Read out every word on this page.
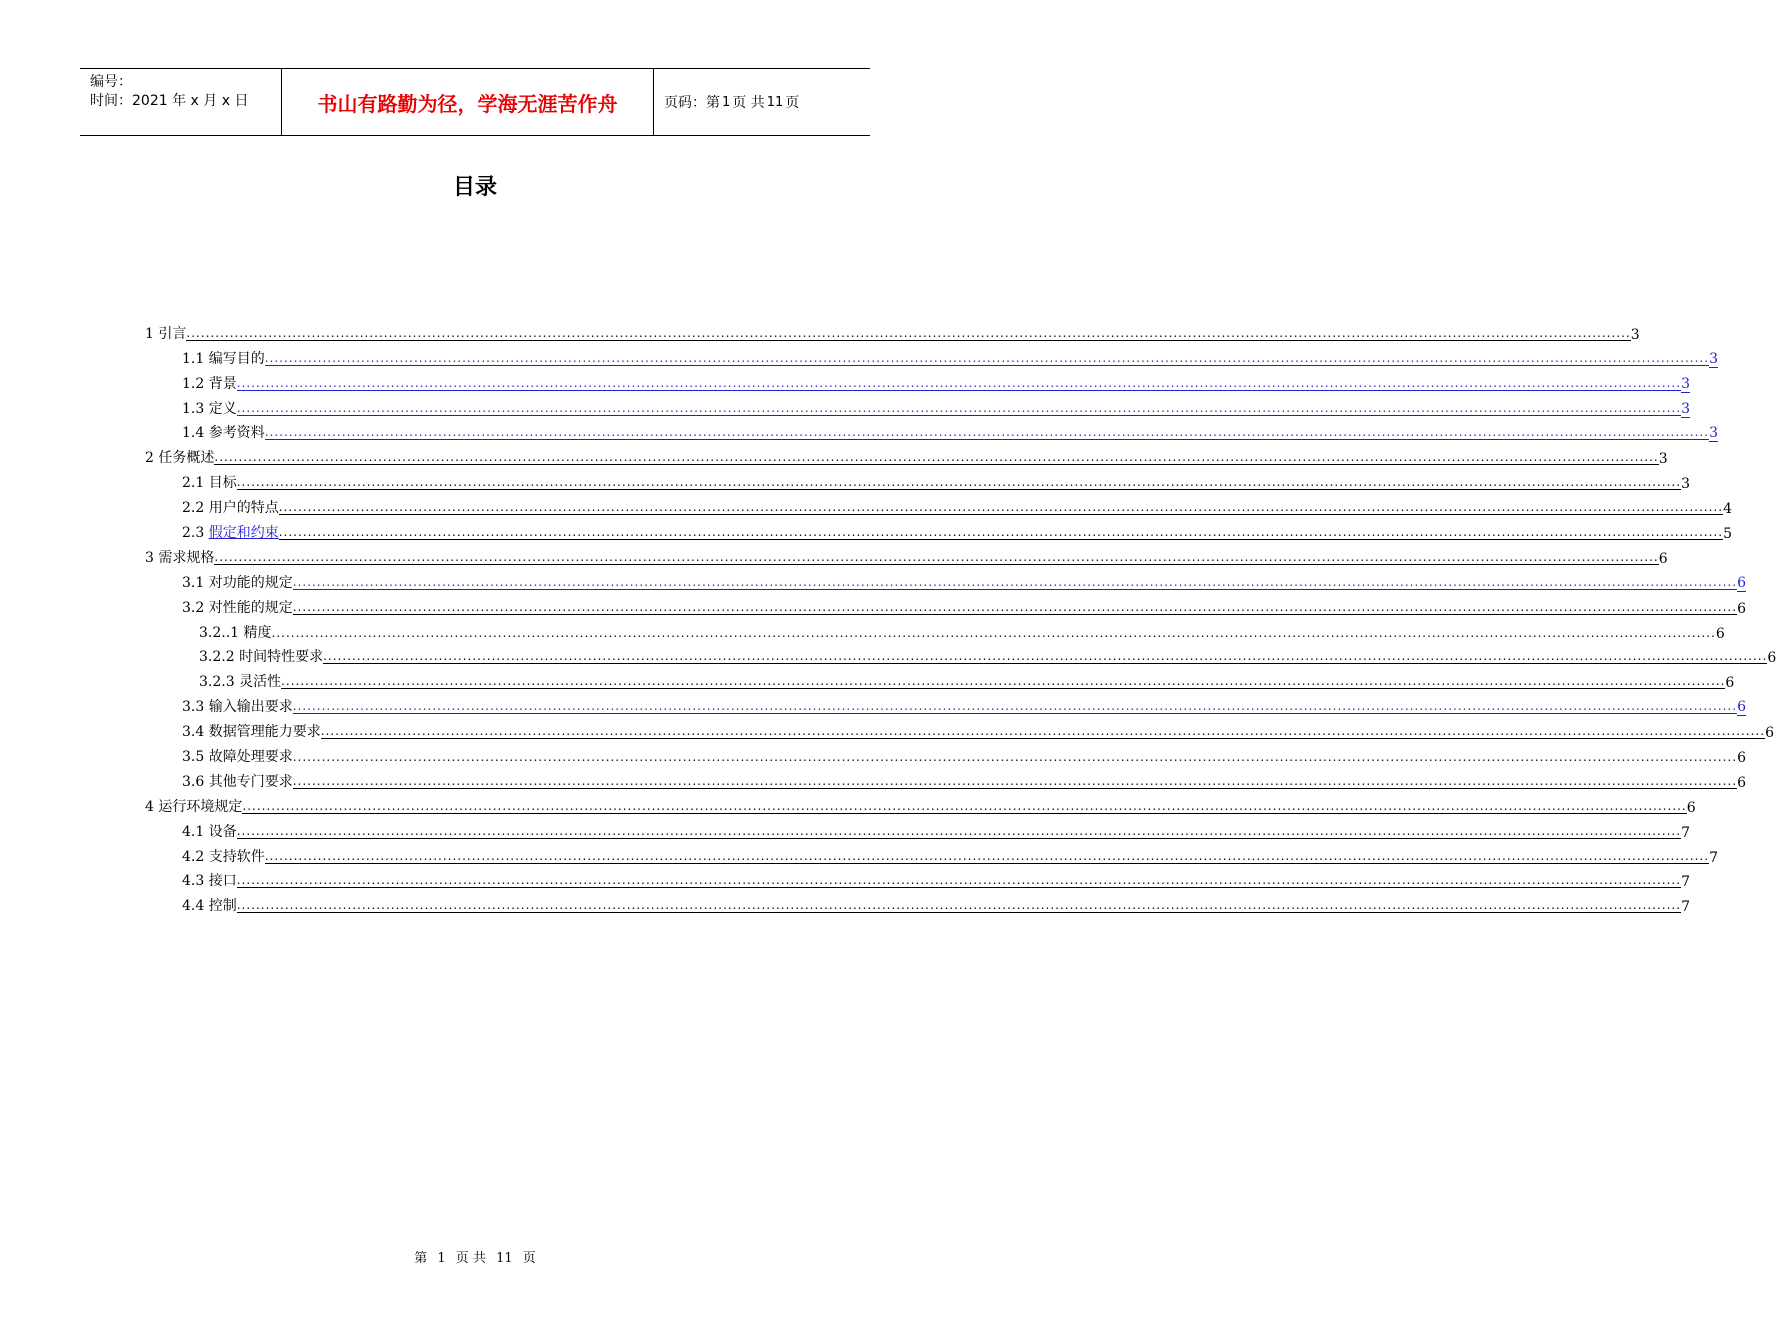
编号：
时间：2021 年 x 月 x 日	书山有路勤为径，学海无涯苦作舟	页码：第 1 页 共 11 页
目录
1 引言 ............................................................................................................................................................................................................................................................................................................ 3
1.1 编写目的 ............................................................................................................................................................................................................................................................................................................ 3
1.2 背景 ............................................................................................................................................................................................................................................................................................................ 3
1.3 定义 ............................................................................................................................................................................................................................................................................................................ 3
1.4 参考资料 ............................................................................................................................................................................................................................................................................................................ 3
2 任务概述 ............................................................................................................................................................................................................................................................................................................ 3
2.1 目标 ............................................................................................................................................................................................................................................................................................................ 3
2.2 用户的特点 ............................................................................................................................................................................................................................................................................................................ 4
2.3 假定和约束 ............................................................................................................................................................................................................................................................................................................ 5
3 需求规格 ............................................................................................................................................................................................................................................................................................................ 6
3.1 对功能的规定 ............................................................................................................................................................................................................................................................................................................ 6
3.2 对性能的规定 ............................................................................................................................................................................................................................................................................................................ 6
3.2..1 精度 ............................................................................................................................................................................................................................................................................................................ 6
3.2.2 时间特性要求 ............................................................................................................................................................................................................................................................................................................ 6
3.2.3 灵活性 ............................................................................................................................................................................................................................................................................................................ 6
3.3 输入输出要求 ............................................................................................................................................................................................................................................................................................................ 6
3.4 数据管理能力要求 ............................................................................................................................................................................................................................................................................................................ 6
3.5 故障处理要求 ............................................................................................................................................................................................................................................................................................................ 6
3.6 其他专门要求 ............................................................................................................................................................................................................................................................................................................ 6
4 运行环境规定 ............................................................................................................................................................................................................................................................................................................ 6
4.1 设备 ............................................................................................................................................................................................................................................................................................................ 7
4.2 支持软件 ............................................................................................................................................................................................................................................................................................................ 7
4.3 接口 ............................................................................................................................................................................................................................................................................................................ 7
4.4 控制 ............................................................................................................................................................................................................................................................................................................ 7
第 1 页 共 11 页
